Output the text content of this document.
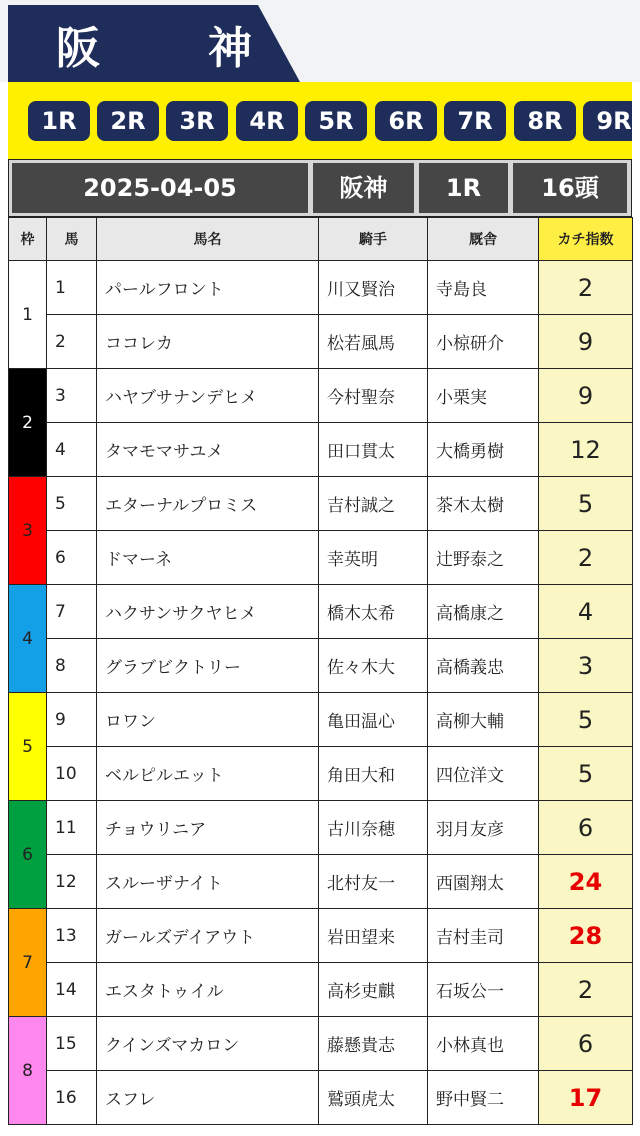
阪　神
1R	2R	3R	4R	5R	6R	7R	8R	9R
2025-04-05	阪神	1R	16頭
枠	馬	馬名	騎手	厩舎	カチ指数
1	1	パールフロント	川又賢治	寺島良	2
	2	ココレカ	松若風馬	小椋研介	9
2	3	ハヤブサナンデヒメ	今村聖奈	小栗実	9
	4	タマモマサユメ	田口貫太	大橋勇樹	12
3	5	エターナルプロミス	吉村誠之	茶木太樹	5
	6	ドマーネ	幸英明	辻野泰之	2
4	7	ハクサンサクヤヒメ	橋木太希	高橋康之	4
	8	グラブビクトリー	佐々木大	高橋義忠	3
5	9	ロワン	亀田温心	高柳大輔	5
	10	ベルピルエット	角田大和	四位洋文	5
6	11	チョウリニア	古川奈穂	羽月友彦	6
	12	スルーザナイト	北村友一	西園翔太	24
7	13	ガールズデイアウト	岩田望来	吉村圭司	28
	14	エスタトゥイル	高杉吏麒	石坂公一	2
8	15	クインズマカロン	藤懸貴志	小林真也	6
	16	スフレ	鷲頭虎太	野中賢二	17
